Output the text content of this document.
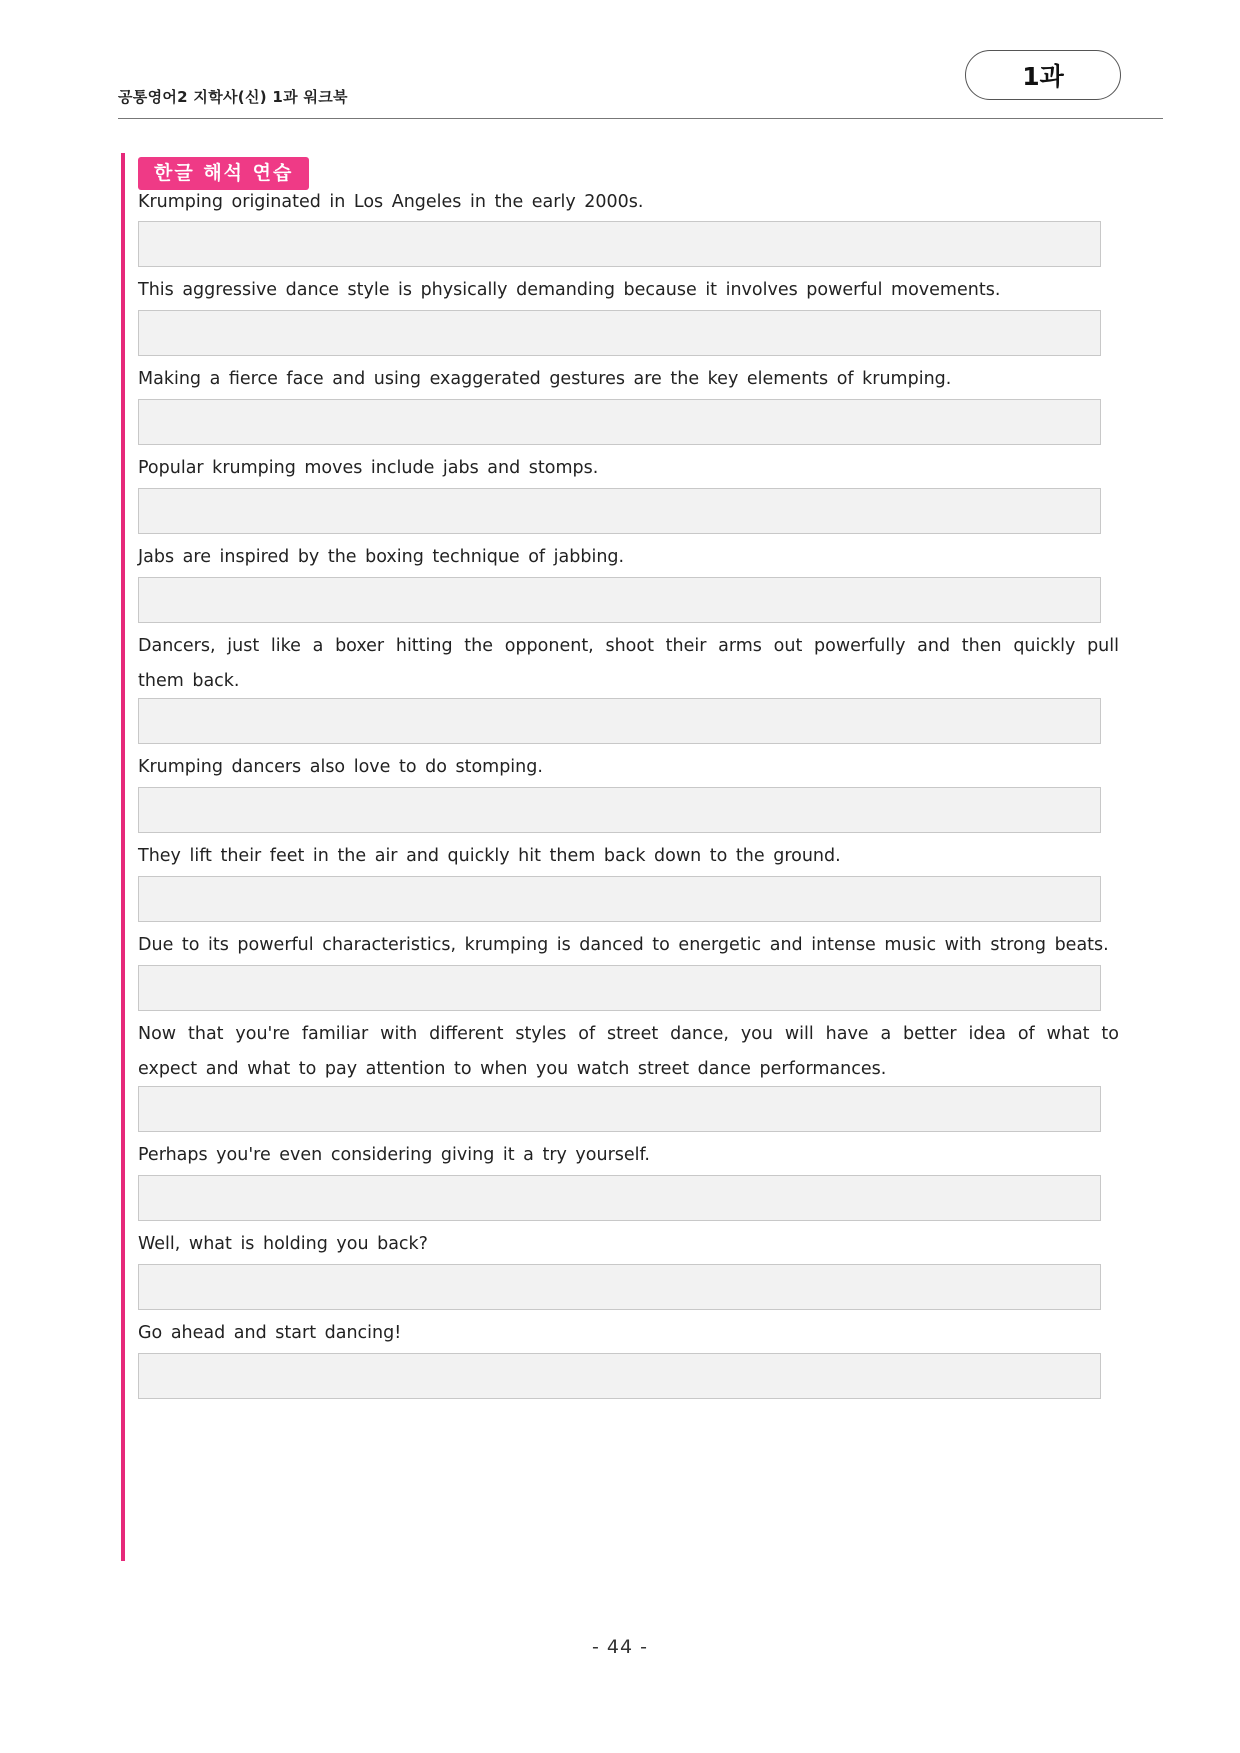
공통영어2 지학사(신) 1과 워크북
1과
한글 해석 연습
Krumping originated in Los Angeles in the early 2000s.
This aggressive dance style is physically demanding because it involves powerful movements.
Making a fierce face and using exaggerated gestures are the key elements of krumping.
Popular krumping moves include jabs and stomps.
Jabs are inspired by the boxing technique of jabbing.
Dancers, just like a boxer hitting the opponent, shoot their arms out powerfully and then quickly pull them back.
Krumping dancers also love to do stomping.
They lift their feet in the air and quickly hit them back down to the ground.
Due to its powerful characteristics, krumping is danced to energetic and intense music with strong beats.
Now that you're familiar with different styles of street dance, you will have a better idea of what to expect and what to pay attention to when you watch street dance performances.
Perhaps you're even considering giving it a try yourself.
Well, what is holding you back?
Go ahead and start dancing!
- 44 -
